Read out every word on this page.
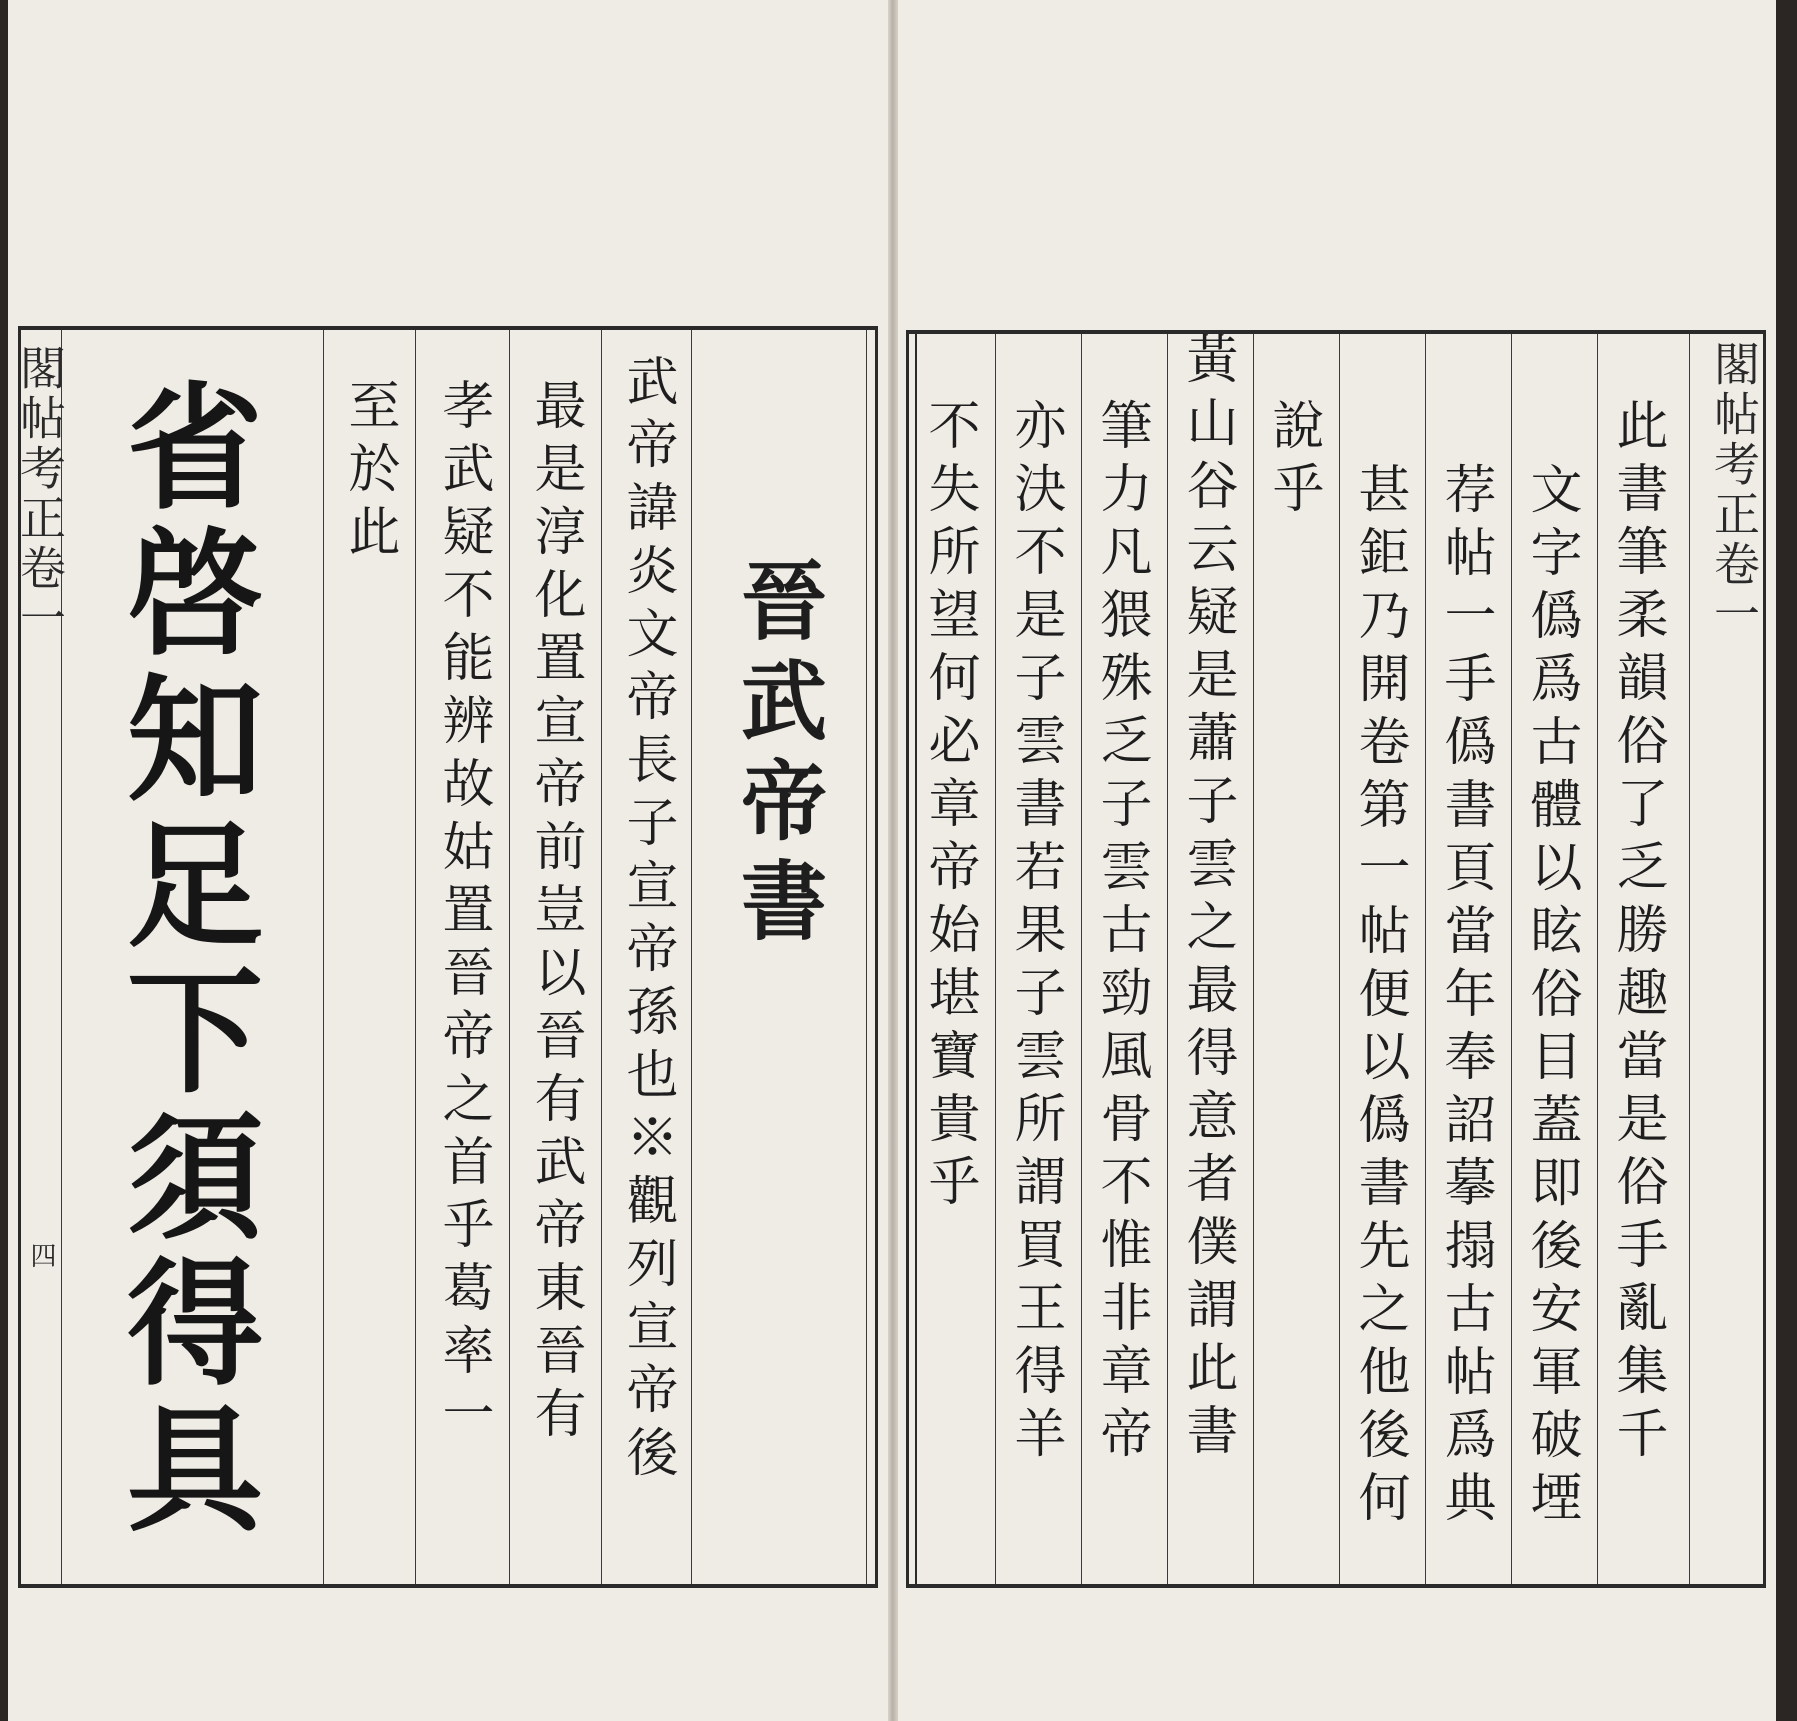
閣帖考正卷一
四 省啓知足下須得具 至於此 孝武疑不能辨故姑置晉帝之首乎葛率一 最是淳化置宣帝前豈以晉有武帝東晉有 武帝諱炎文帝長子宣帝孫也※觀列宣帝後 晉武帝書	此書筆柔韻俗了乏勝趣當是俗手亂集千
文字僞爲古體以眩俗目蓋即後安軍破堙
荐帖一手僞書頁當年奉詔摹搨古帖爲典
甚鉅乃開卷第一帖便以僞書先之他後何
說乎
黃山谷云疑是蕭子雲之最得意者僕謂此書
筆力凡猥殊乏子雲古勁風骨不惟非章帝
亦決不是子雲書若果子雲所謂買王得羊
不失所望何必章帝始堪寶貴乎	閣帖考正卷一
